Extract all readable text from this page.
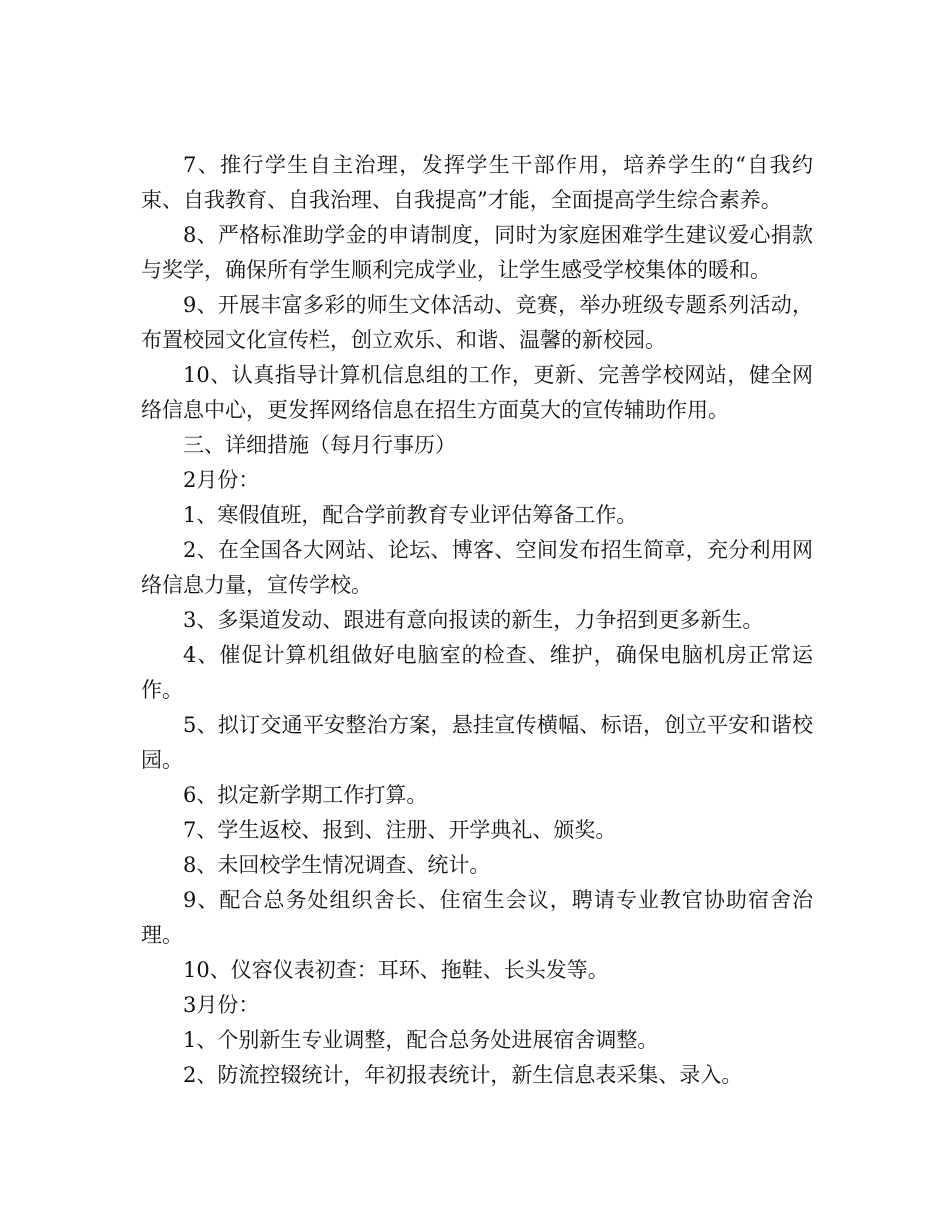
7、推行学生自主治理，发挥学生干部作用，培养学生的“自我约束、自我教育、自我治理、自我提高”才能，全面提高学生综合素养。

8、严格标准助学金的申请制度，同时为家庭困难学生建议爱心捐款与奖学，确保所有学生顺利完成学业，让学生感受学校集体的暖和。

9、开展丰富多彩的师生文体活动、竞赛，举办班级专题系列活动，布置校园文化宣传栏，创立欢乐、和谐、温馨的新校园。

10、认真指导计算机信息组的工作，更新、完善学校网站，健全网络信息中心，更发挥网络信息在招生方面莫大的宣传辅助作用。

三、详细措施（每月行事历）

2月份：

1、寒假值班，配合学前教育专业评估筹备工作。

2、在全国各大网站、论坛、博客、空间发布招生简章，充分利用网络信息力量，宣传学校。

3、多渠道发动、跟进有意向报读的新生，力争招到更多新生。

4、催促计算机组做好电脑室的检查、维护，确保电脑机房正常运作。

5、拟订交通平安整治方案，悬挂宣传横幅、标语，创立平安和谐校园。

6、拟定新学期工作打算。

7、学生返校、报到、注册、开学典礼、颁奖。

8、未回校学生情况调查、统计。

9、配合总务处组织舍长、住宿生会议，聘请专业教官协助宿舍治理。

10、仪容仪表初查：耳环、拖鞋、长头发等。

3月份：

1、个别新生专业调整，配合总务处进展宿舍调整。

2、防流控辍统计，年初报表统计，新生信息表采集、录入。
